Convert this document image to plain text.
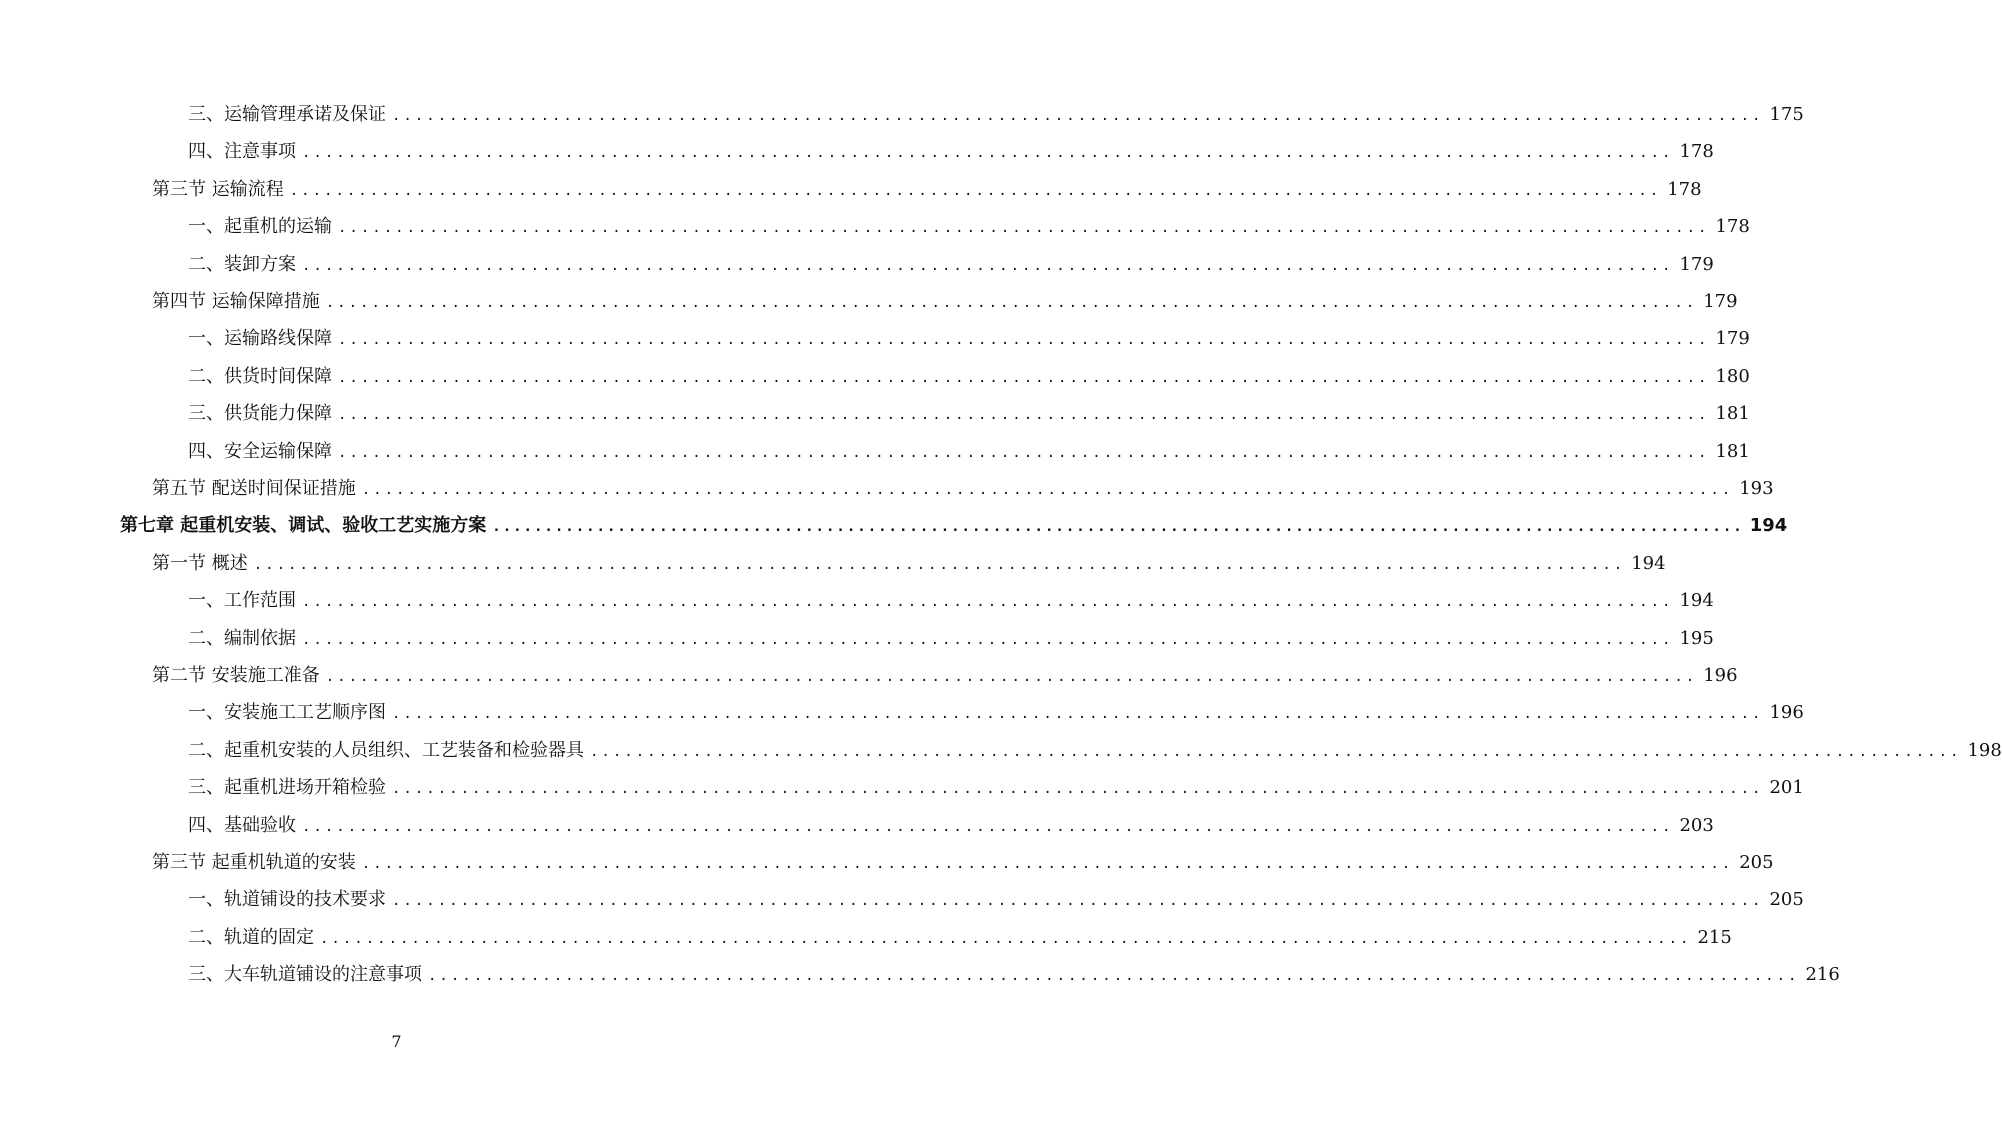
三、运输管理承诺及保证 ........................................................................................................................ 175
四、注意事项 ........................................................................................................................ 178
第三节 运输流程 ........................................................................................................................ 178
一、起重机的运输 ........................................................................................................................ 178
二、装卸方案 ........................................................................................................................ 179
第四节 运输保障措施 ........................................................................................................................ 179
一、运输路线保障 ........................................................................................................................ 179
二、供货时间保障 ........................................................................................................................ 180
三、供货能力保障 ........................................................................................................................ 181
四、安全运输保障 ........................................................................................................................ 181
第五节 配送时间保证措施 ........................................................................................................................ 193
第七章 起重机安装、调试、验收工艺实施方案 ........................................................................................................................ 194
第一节 概述 ........................................................................................................................ 194
一、工作范围 ........................................................................................................................ 194
二、编制依据 ........................................................................................................................ 195
第二节 安装施工准备 ........................................................................................................................ 196
一、安装施工工艺顺序图 ........................................................................................................................ 196
二、起重机安装的人员组织、工艺装备和检验器具 ........................................................................................................................ 198
三、起重机进场开箱检验 ........................................................................................................................ 201
四、基础验收 ........................................................................................................................ 203
第三节 起重机轨道的安装 ........................................................................................................................ 205
一、轨道铺设的技术要求 ........................................................................................................................ 205
二、轨道的固定 ........................................................................................................................ 215
三、大车轨道铺设的注意事项 ........................................................................................................................ 216
7
